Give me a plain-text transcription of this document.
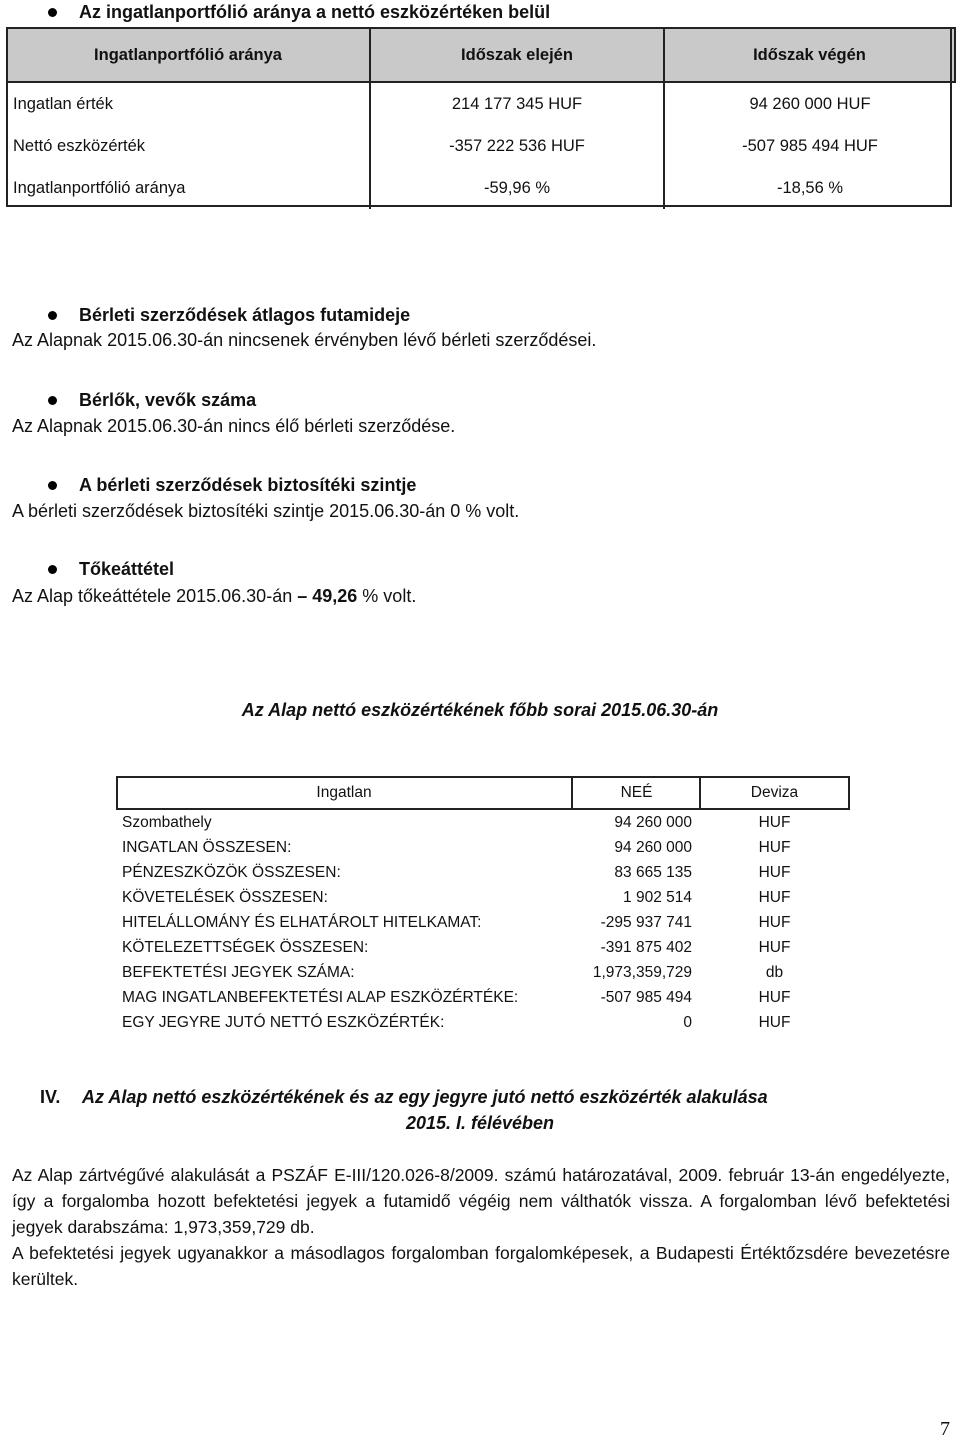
Az ingatlanportfólió aránya a nettó eszközértéken belül
Ingatlanportfólió aránya	Időszak elején	Időszak végén
Ingatlan érték	214 177 345 HUF	94 260 000 HUF
Nettó eszközérték	-357 222 536 HUF	-507 985 494 HUF
Ingatlanportfólió aránya	-59,96 %	-18,56 %
Bérleti szerződések átlagos futamideje
Az Alapnak 2015.06.30-án nincsenek érvényben lévő bérleti szerződései.
Bérlők, vevők száma
Az Alapnak 2015.06.30-án nincs élő bérleti szerződése.
A bérleti szerződések biztosítéki szintje
A bérleti szerződések biztosítéki szintje 2015.06.30-án 0 % volt.
Tőkeáttétel
Az Alap tőkeáttétele 2015.06.30-án – 49,26 % volt.
Az Alap nettó eszközértékének főbb sorai 2015.06.30-án
Ingatlan	NEÉ	Deviza
Szombathely	94 260 000	HUF
INGATLAN ÖSSZESEN:	94 260 000	HUF
PÉNZESZKÖZÖK ÖSSZESEN:	83 665 135	HUF
KÖVETELÉSEK ÖSSZESEN:	1 902 514	HUF
HITELÁLLOMÁNY ÉS ELHATÁROLT HITELKAMAT:	-295 937 741	HUF
KÖTELEZETTSÉGEK ÖSSZESEN:	-391 875 402	HUF
BEFEKTETÉSI JEGYEK SZÁMA:	1,973,359,729	db
MAG INGATLANBEFEKTETÉSI ALAP ESZKÖZÉRTÉKE:	-507 985 494	HUF
EGY JEGYRE JUTÓ NETTÓ ESZKÖZÉRTÉK:	0	HUF
IV. Az Alap nettó eszközértékének és az egy jegyre jutó nettó eszközérték alakulása
2015. I. félévében

Az Alap zártvégűvé alakulását a PSZÁF E-III/120.026-8/2009. számú határozatával, 2009. február 13-án engedélyezte, így a forgalomba hozott befektetési jegyek a futamidő végéig nem válthatók vissza. A forgalomban lévő befektetési jegyek darabszáma: 1,973,359,729 db.

A befektetési jegyek ugyanakkor a másodlagos forgalomban forgalomképesek, a Budapesti Értéktőzsdére bevezetésre kerültek.

7
